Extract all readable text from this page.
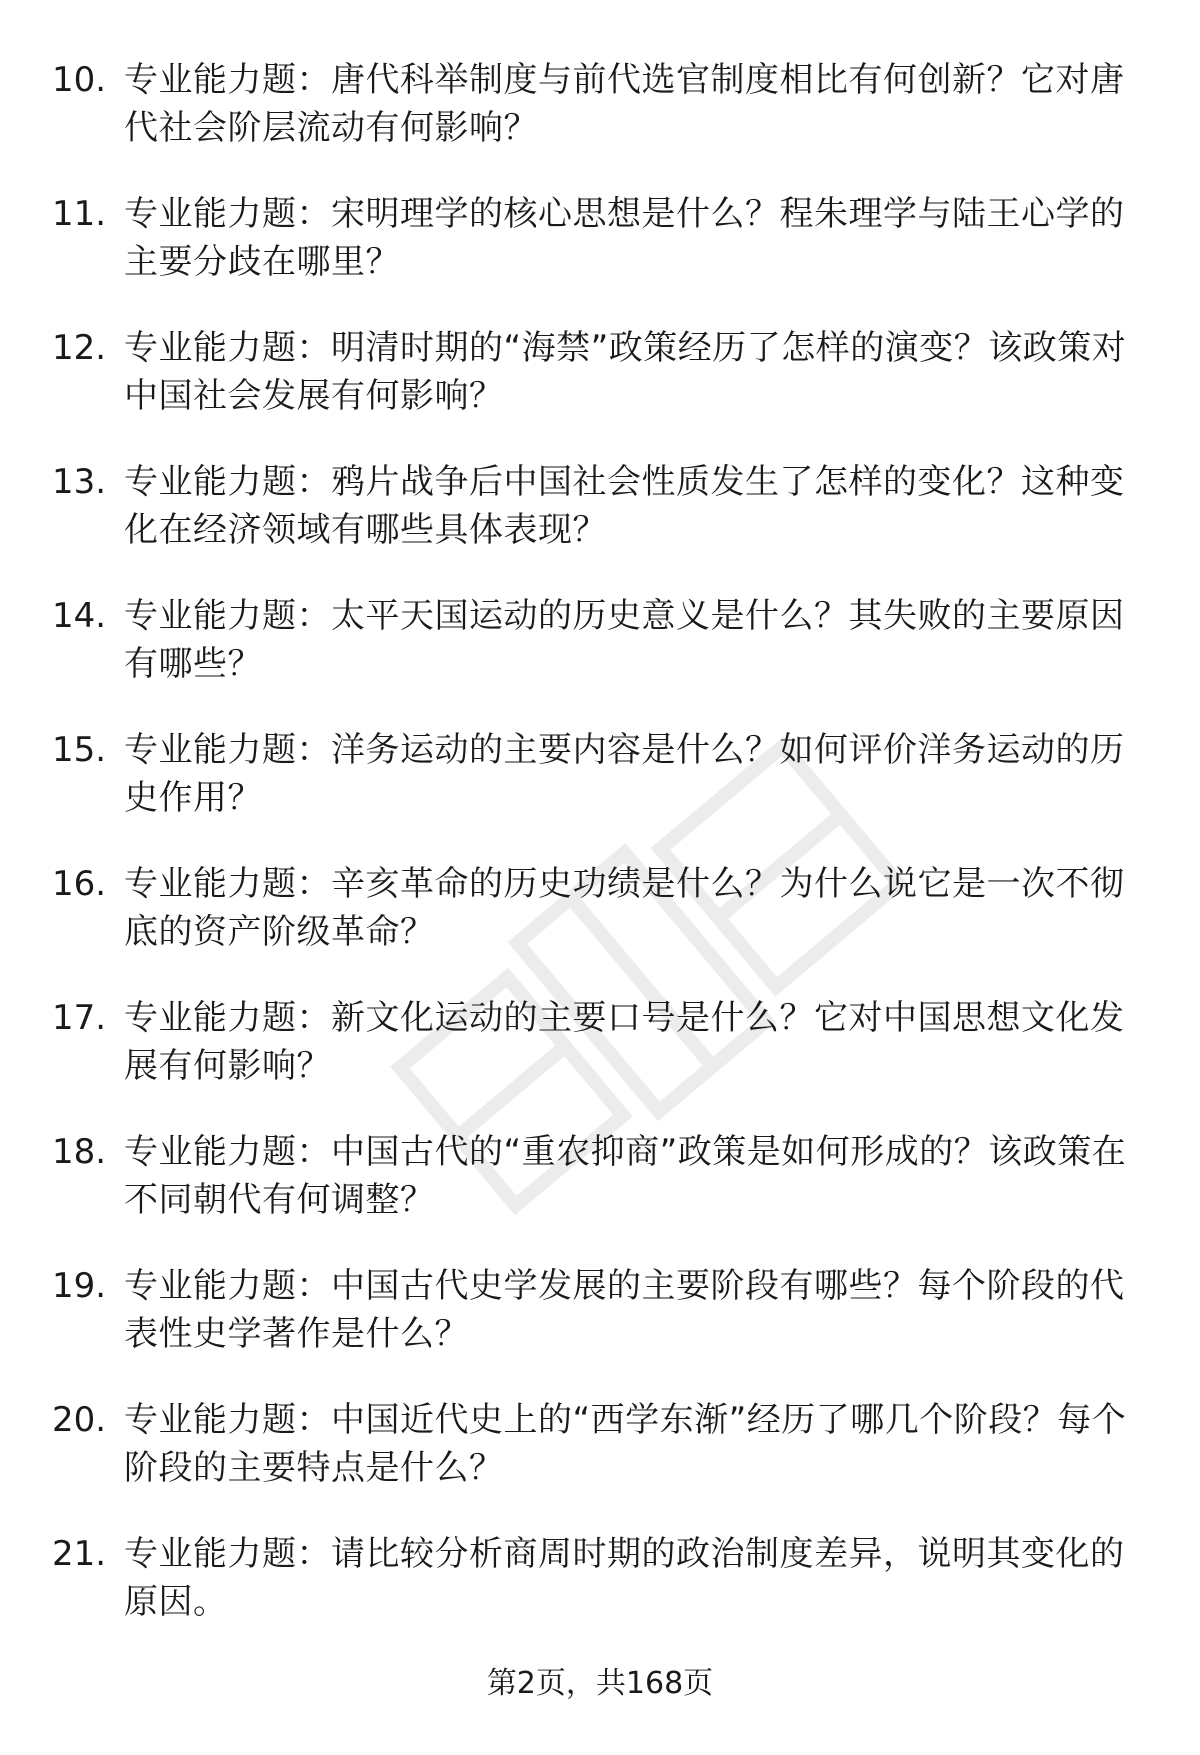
10. 专业能力题：唐代科举制度与前代选官制度相比有何创新？它对唐代社会阶层流动有何影响？
11. 专业能力题：宋明理学的核心思想是什么？程朱理学与陆王心学的主要分歧在哪里？
12. 专业能力题：明清时期的“海禁”政策经历了怎样的演变？该政策对中国社会发展有何影响？
13. 专业能力题：鸦片战争后中国社会性质发生了怎样的变化？这种变化在经济领域有哪些具体表现？
14. 专业能力题：太平天国运动的历史意义是什么？其失败的主要原因有哪些？
15. 专业能力题：洋务运动的主要内容是什么？如何评价洋务运动的历史作用？
16. 专业能力题：辛亥革命的历史功绩是什么？为什么说它是一次不彻底的资产阶级革命？
17. 专业能力题：新文化运动的主要口号是什么？它对中国思想文化发展有何影响？
18. 专业能力题：中国古代的“重农抑商”政策是如何形成的？该政策在不同朝代有何调整？
19. 专业能力题：中国古代史学发展的主要阶段有哪些？每个阶段的代表性史学著作是什么？
20. 专业能力题：中国近代史上的“西学东渐”经历了哪几个阶段？每个阶段的主要特点是什么？
21. 专业能力题：请比较分析商周时期的政治制度差异，说明其变化的原因。
第2页，共168页
